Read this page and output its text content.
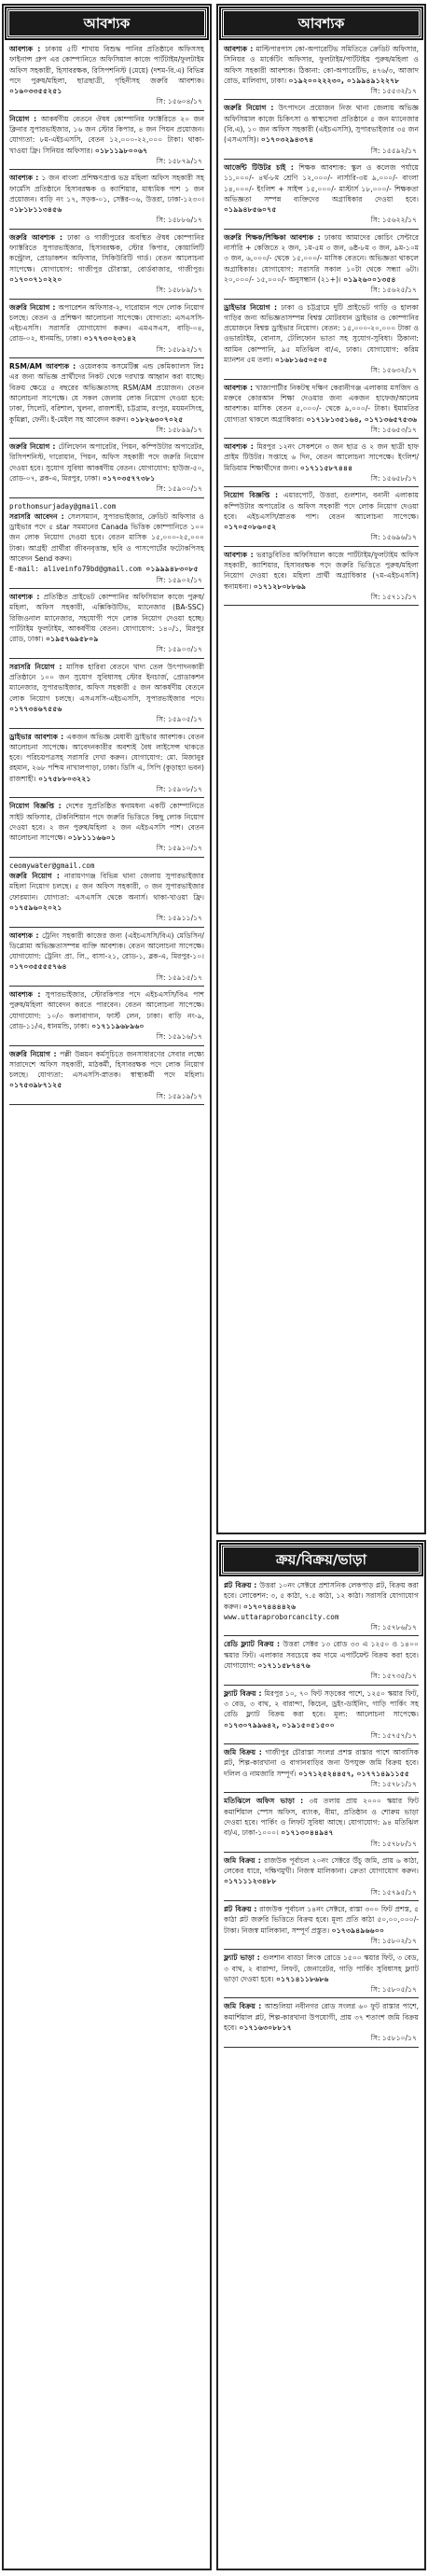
আবশ্যক

আবশ্যক : ঢাকায় ৫টি শাখায় বিশুদ্ধ পানির প্রতিষ্ঠানে অফিসসহ ফাইনান্স গ্রুপ এর কোম্পানিতে অফিসিয়াল কাজে পার্টটাইম/ফুলটাইম অফিস সহকারী, হিসাবরক্ষক, রিসিপশনিস্ট (মেয়ে) (দশম-বি.এ) বিভিন্ন পদে পুরুষ/মহিলা, ছাত্রছাত্রী, গৃহিনীসহ জরুরি আবশ্যক। ০১৬০৩৩৫৫২৫১
সি: ১৫৬০৪/১৭

নিয়োগ : আকর্ষণীয় বেতনে ঔষধ কোম্পানির ফ্যাক্টরিতে ২০ জন ক্লিনার সুপারভাইজার, ১৬ জন স্টোর কিপার, ৪ জন পিয়ন প্রয়োজন। যোগ্যতা: ৮ম-এইচএসসি, বেতন ১২,০০০-২২,০০০ টাকা। থাকা-খাওয়া ফ্রি। সিনিয়র অফিসার। ০১৮১১৯৮০০৬৭
সি: ১৫৮৭৯/১৭

আবশ্যক : ১ জন বাংলা প্রশিক্ষণপ্রাপ্ত ভদ্র মহিলা অফিস সহকারী সহ ফার্মেসি প্রতিষ্ঠানে হিসাবরক্ষক ও ক্যাশিয়ার, মাধ্যমিক পাশ ১ জন প্রয়োজন। বাড়ি নং ১৭, সড়ক-০১, সেক্টর-০৬, উত্তরা, ঢাকা-১২৩০। ০১৮১৮১১৩৪৫৬
সি: ১৫৮৮৬/১৭

জরুরি আবশ্যক : ঢাকা ও গাজীপুরের অবস্থিত ঔষধ কোম্পানির ফ্যাক্টরিতে সুপারভাইজার, হিসাবরক্ষক, স্টোর কিপার, কোয়ালিটি কন্ট্রোল, প্রোডাকশন অফিসার, সিকিউরিটি গার্ড। বেতন আলোচনা সাপেক্ষে। যোগাযোগ: গাজীপুর চৌরাস্তা, বোর্ডবাজার, গাজীপুর। ০১৭০০৭১০২২০
সি: ১৫৮৮৯/১৭

জরুরি নিয়োগ : অপারেশন অফিসার-২, দারোয়ান পদে লোক নিয়োগ চলছে। বেতন ও প্রশিক্ষণ আলোচনা সাপেক্ষে। যোগ্যতা: এসএসসি-এইচএসসি। সরাসরি যোগাযোগ করুন। এমএসএস, বাড়ি-০৪, রোড-০২, ধানমন্ডি, ঢাকা। ০১৭৭৩০২৩১৪২
সি: ১৫৮৯২/১৭

RSM/AM আবশ্যক : ওয়েলকাম কসমেটিক্স এন্ড কেমিক্যালস লিঃ এর জন্য অভিজ্ঞ প্রার্থীদের নিকট থেকে দরখাস্ত আহ্বান করা যাচ্ছে। বিক্রয় ক্ষেত্রে ৫ বছরের অভিজ্ঞতাসহ RSM/AM প্রয়োজন। বেতন আলোচনা সাপেক্ষে। যে সকল জেলায় লোক নিয়োগ দেওয়া হবে: ঢাকা, সিলেট, বরিশাল, খুলনা, রাজশাহী, চট্টগ্রাম, রংপুর, ময়মনসিংহ, কুমিল্লা, ফেনী। ই-মেইল সহ আবেদন করুন। ০১৮২৬৩০৭০২৫
সি: ১৫৮৯৯/১৭

জরুরি নিয়োগ : টেলিফোন অপারেটর, পিয়ন, কম্পিউটার অপারেটর, রিসিপশনিস্ট, দারোয়ান, পিয়ন, অফিস সহকারী পদে জরুরি নিয়োগ দেওয়া হবে। সুযোগ সুবিধা আকর্ষণীয় বেতন। যোগাযোগ: হাউজ-৫০, রোড-০৭, ব্লক-এ, মিরপুর, ঢাকা। ০১৭০৩৫৭৭৩৮১
সি: ১৫৯০০/১৭

prothomsurjaday@gmail.com

সরাসরি আবেদন : সেলসম্যান, সুপারভাইজার, ক্রেডিট অফিসার ও ড্রাইভার পদে ৫ star সমমানের Canada ভিত্তিক কোম্পানিতে ১০০ জন লোক নিয়োগ দেওয়া হবে। বেতন মাসিক ১৫,০০০-২৫,০০০ টাকা। আগ্রহী প্রার্থীরা জীবনবৃত্তান্ত, ছবি ও পাসপোর্টের ফটোকপিসহ আবেদন Send করুন।

E-mail: aliveinfo79bd@gmail.com ০১৯৯৯৪৮৩০৮৫
সি: ১৫৯০২/১৭

আবশ্যক : প্রতিষ্ঠিত প্রাইভেট কোম্পানির অফিসিয়াল কাজে পুরুষ/মহিলা, অফিস সহকারী, এক্সিকিউটিভ, ম্যানেজার (BA-SSC) রিজিওনাল ম্যানেজার, সহযোগী পদে লোক নিয়োগ দেওয়া হচ্ছে। পার্টটাইম ফুলটাইম, আকর্ষণীয় বেতন। যোগাযোগ: ১৪০/১, মিরপুর রোড, ঢাকা। ০১৯৫৭৬৯৫৮০৯
সি: ১৫৯০৩/১৭

সরাসরি নিয়োগ : মাসিক হারিবা বেতনে খাদ্য তেল উৎপাদনকারী প্রতিষ্ঠানে ১০০ জন সুযোগ সুবিধাসহ স্টোর ইনচার্জ, প্রোডাকশন ম্যানেজার, সুপারভাইজার, অফিস সহকারী ৫ জন আকর্ষণীয় বেতনে লোক নিয়োগ চলছে। এসএসসি-এইচএসসি, সুপারভাইজার পদে। ০১৭৭৩৪৬৭৫৫৬
সি: ১৫৯০৫/১৭

ড্রাইভার আবশ্যক : একজন অভিজ্ঞ মেধাবী ড্রাইভার আবশ্যক। বেতন আলোচনা সাপেক্ষে। আবেদনকারীর অবশ্যই বৈধ লাইসেন্স থাকতে হবে। পরিচয়পত্রসহ সরাসরি দেখা করুন। যোগাযোগ: মো. মিজানুর রহমান, ২৬৮ পশ্চিম নাখালপাড়া, ঢাকা। ডিসি এ, সিপি (কুড়াহ্যা ভবন) রাজশাহী। ০১৭৫৮৮০৩২২১
সি: ১৫৯০৮/১৭

নিয়োগ বিজ্ঞপ্তি : দেশের সুপ্রতিষ্ঠিত স্বনামধন্য একটি কোম্পানিতে সাইট অফিসার, টেকনিশিয়ান পদে জরুরি ভিত্তিতে কিছু লোক নিয়োগ দেওয়া হবে। ২ জন পুরুষ/মহিলা ২ জন এইচএসসি পাশ। বেতন আলোচনা সাপেক্ষে। ০১৮১১১৬৬০১
সি: ১৫৯১০/১৭

ceomywater@gmail.com

জরুরি নিয়োগ : নারায়ণগঞ্জ বিভিন্ন থানা জেলায় সুপারভাইজার মহিলা নিয়োগ চলছে। ৫ জন অফিস সহকারী, ৩ জন সুপারভাইজার ফোরম্যান। যোগ্যতা: এসএসসি থেকে অনার্স। থাকা-খাওয়া ফ্রি। ০১৭৫৯৬০২০২১
সি: ১৫৯১১/১৭

আবশ্যক : ট্রেনিং সহকারী কাজের জন্য (এইচএসসি/বিএ) মেডিসিন/ডিপ্লোমা অভিজ্ঞতাসম্পন্ন ব্যক্তি আবশ্যক। বেতন আলোচনা সাপেক্ষে। যোগাযোগ: ট্রেনিং প্রা. লি., বাসা-২১, রোড-১, ব্লক-এ, মিরপুর-১০। ০১৭০৩৫৫৫৫৭৬৪
সি: ১৫৯১৫/১৭

আবশ্যক : সুপারভাইজার, স্টোরকিপার পদে এইচএসসি/বিএ পাশ পুরুষ/মহিলা আবেদন করতে পারবেন। বেতন আলোচনা সাপেক্ষে। যোগাযোগ: ১০/৩ কলাবাগান, ফার্স্ট লেন, ঢাকা। বাড়ি নং-৯, রোড-১১/এ, ধানমন্ডি, ঢাকা। ০১৭১১৯৬৮৯৬০
সি: ১৫৯১৬/১৭

জরুরি নিয়োগ : পল্লী উন্নয়ন কর্মসূচিতে জনসাধারণের সেবার লক্ষ্যে সারাদেশে অফিস সহকারী, মাঠকর্মী, হিসাবরক্ষক পদে লোক নিয়োগ চলছে। যোগ্যতা: এসএসসি-স্নাতক। স্বাস্থ্যকর্মী পদে মহিলা। ০১৭৫৩৯৮৭১২৫
সি: ১৫৯১৯/১৭

আবশ্যক

আবশ্যক : মাল্টিপারপাস কো-অপারেটিভ সমিতিতে ক্রেডিট অফিসার, সিনিয়র ও মার্কেটিং অফিসার, ফুলটাইম/পার্টটাইম পুরুষ/মহিলা ও অফিস সহকারী আবশ্যক। ঠিকানা: কো-অপারেটিভ, ৪৭৬/৩, আজাদ রোড, মালিবাগ, ঢাকা। ০১৯২০০২২২৩০, ০১৯৯৪৯১২২৭৮
সি: ১৫৫৩২/১৭

জরুরি নিয়োগ : উৎপাদনে প্রয়োজন নিজ থানা জেলায় অভিজ্ঞ অফিসিয়াল কাজে চিকিৎসা ও স্বাস্থ্যসেবা প্রতিষ্ঠানে ৫ জন ম্যানেজার (বি.এ), ১০ জন অফিস সহকারী (এইচএসসি), সুপারভাইজার ৩৫ জন (এসএসসি)। ০১৭০৩২৯৪৩৭৪
সি: ১৫৫৯২/১৭

আর্জেন্ট টিউটর চাই : শিক্ষক আবশ্যক: স্কুল ও কলেজ পর্যায়ে ১১,০০০/- ৪র্থ-৮ম শ্রেণি ১২,০০০/- নার্সারি-৩য় ৯,০০০/- বাংলা ১৪,০০০/- ইংলিশ + সাইন্স ১৫,০০০/- মাস্টার্স ১৮,০০০/- শিক্ষকতা অভিজ্ঞতা সম্পন্ন ব্যক্তিদের অগ্রাধিকার দেওয়া হবে। ০১৯৯৪৮৫৬০৭৫
সি: ১৫৬২২/১৭

জরুরি শিক্ষক/শিক্ষিকা আবশ্যক : ঢাকায় আমাদের কোচিং সেন্টারে নার্সারি + কেজিতে ২ জন, ১ম-৫ম ৩ জন, ৬ষ্ঠ-৮ম ৩ জন, ৯ম-১০ম ৩ জন, ৬,০০০/- থেকে ১৫,০০০/- মাসিক বেতনে। অভিজ্ঞতা থাকলে অগ্রাধিকার। যোগাযোগ: সরাসরি সকাল ১০টা থেকে সন্ধ্যা ৬টা। ২০,০০০/- ১৫,০০০/- অনুসন্ধান (২১+)। ০১৯২৬০০১৩৫৪
সি: ১৫৬২৫/১৭

ড্রাইভার নিয়োগ : ঢাকা ও চট্টগ্রামে দুটি প্রাইভেট গাড়ি ও হালকা গাড়ির জন্য অভিজ্ঞতাসম্পন্ন বিশ্বস্ত মোটরযান ড্রাইভার ও কোম্পানির প্রয়োজনে বিশ্বস্ত ড্রাইভার নিয়োগ। বেতন: ১৫,০০০-২০,০০০ টাকা ও ওভারটাইম, বোনাস, টেলিফোন ভাতা সহ সুযোগ-সুবিধা। ঠিকানা: আমিন কোম্পানি, ৯৫ মতিঝিল বা/এ, ঢাকা। যোগাযোগ: করিম ম্যানশন ৫ম তলা। ০১৬৮১৬৫০৫০৫
সি: ১৫৬৩২/১৭

আবশ্যক : খাজাপাটীর নিকটস্থ দক্ষিণ কেরানীগঞ্জ এলাকায় মসজিদ ও মক্তবে কোরআন শিক্ষা দেওয়ার জন্য একজন হাফেজ/আলেম আবশ্যক। মাসিক বেতন ৫,০০০/- থেকে ৯,০০০/- টাকা। ইমামতির যোগ্যতা থাকলে অগ্রাধিকার। ০১৭১৮১৩৫১৬৪, ০১৭১৩৬৫৭৫৩৬
সি: ১৫৬৫৩/১৭

আবশ্যক : মিরপুর ১২নং সেকশনে ৩ জন ছাত্র ও ২ জন ছাত্রী হাফ প্রাইম টিউটর। সপ্তাহে ৬ দিন, বেতন আলোচনা সাপেক্ষে। ইংলিশ/মিডিয়াম শিক্ষার্থীদের জন্য। ০১৭১১৫৮৭৪৪৪
সি: ১৫৬৫৮/১৭

নিয়োগ বিজ্ঞপ্তি : এয়ারপোর্ট, উত্তরা, গুলশান, বনানী এলাকায় কম্পিউটার অপারেটর ও অফিস সহকারী পদে লোক নিয়োগ দেওয়া হবে। এইচএসসি/স্নাতক পাশ। বেতন আলোচনা সাপেক্ষে। ০১৭০৫০৮৬০৫২
সি: ১৫৬৯৬/১৭

আবশ্যক : ভরাডুবিতির অফিসিয়াল কাজে পার্টটাইম/ফুলটাইম অফিস সহকারী, ক্যাশিয়ার, হিসাবরক্ষক পদে জরুরি ভিত্তিতে পুরুষ/মহিলা নিয়োগ দেওয়া হবে। মহিলা প্রার্থী অগ্রাধিকার (৭ম-এইচএসসি) স্বনামধন্য। ০১৭১২৮০৮৮৬৯
সি: ১৫৭১১/১৭

ক্রয়/বিক্রয়/ভাড়া

প্লট বিক্রয় : উত্তরা ১০নং সেক্টরে প্রশাসনিক লেকপাড় প্লট, বিক্রয় করা হবে। লোকেশন: ৩, ৫ কাঠা, ৭.৫ কাঠা, ১২ কাঠা। সরাসরি যোগাযোগ করুন। ০১৭০৭৪৪৪৪২৬

www.uttaraproborcancity.com
সি: ১৫৭৮৬/১৭

রেডি ফ্ল্যাট বিক্রয় : উত্তরা সেক্টর ১৩ রোড ৩৩ এ ১২৫০ ও ১৪০০ স্কয়ার ফিট। এলাকার সবচেয়ে কম দামে এপার্টমেন্ট বিক্রয় করা হবে। যোগাযোগ: ০১৭১১৫৮৭৪৭৬
সি: ১৫৭৩৫/১৭

ফ্ল্যাট বিক্রয় : মিরপুর ১০, ৭০ ফিট সড়কের পাশে, ১২৫০ স্কয়ার ফিট, ৩ বেড, ৩ বাথ, ২ বারান্দা, কিচেন, ড্রইং-ডাইনিং, গাড়ি পার্কিং সহ রেডি ফ্ল্যাট বিক্রয় করা হবে। মূল্য: আলোচনা সাপেক্ষে। ০১৭৩০৭৯৯৬৪২, ০১৯১৫০৫১৫০০
সি: ১৫৭৫৭/১৭

জমি বিক্রয় : গাজীপুর চৌরাস্তা সংলগ্ন প্রশস্ত রাস্তার পাশে আবাসিক প্লট, শিল্প-কারখানা ও বাগানবাড়ির জন্য উপযুক্ত জমি বিক্রয় হবে। দলিল ও নামজারি সম্পূর্ণ। ০১৭১২৫২৪৪৫৭, ০১৭৭১৪৯১১৫৫
সি: ১৫৭৮১/১৭

মতিঝিলে অফিস ভাড়া : ৩য় তলায় প্রায় ২০০০ স্কয়ার ফিট কমার্শিয়াল স্পেস অফিস, ব্যাংক, বীমা, প্রতিষ্ঠান ও শোরুম ভাড়া দেওয়া হবে। পার্কিং ও লিফট সুবিধা আছে। যোগাযোগ: ৯৪ মতিঝিল বা/এ, ঢাকা-১০০০। ০১৭১৩০৪৪৯৪৭
সি: ১৫৭৮৮/১৭

জমি বিক্রয় : রাজউক পূর্বাচল ২০নং সেক্টরে উঁচু জমি, প্রায় ৬ কাঠা, লেকের ধারে, দক্ষিণমুখী। নিজস্ব মালিকানা। ক্রেতা যোগাযোগ করুন। ০১৭১১১২৩৪৮৮
সি: ১৫৭৯৫/১৭

প্লট বিক্রয় : রাজউক পূর্বাচল ১৪নং সেক্টরে, রাস্তা ৩০০ ফিট প্রশস্ত, ৫ কাঠা প্লট জরুরি ভিত্তিতে বিক্রয় হবে। মূল্য প্রতি কাঠা ৫০,০০,০০০/- টাকা। নিজস্ব মালিকানা, সম্পূর্ণ প্রস্তুত। ০১৭৩৯৪৯৬৬০০
সি: ১৫৮০২/১৭

ফ্ল্যাট ভাড়া : গুলশান বাড্ডা লিংক রোডে ১৫০০ স্কয়ার ফিট, ৩ বেড, ৩ বাথ, ২ বারান্দা, লিফট, জেনারেটর, গাড়ি পার্কিং সুবিধাসহ ফ্ল্যাট ভাড়া দেওয়া হবে। ০১৭১৪১১৮৬৮৬
সি: ১৫৮০৫/১৭

জমি বিক্রয় : আশুলিয়া নবীনগর রোড সংলগ্ন ৬০ ফুট রাস্তার পাশে, কমার্শিয়াল প্লট, শিল্প-কারখানা উপযোগী, প্রায় ৩৭ শতাংশ জমি বিক্রয় হবে। ০১৭১৬৩০৮৮১৭
সি: ১৫৮১০/১৭
